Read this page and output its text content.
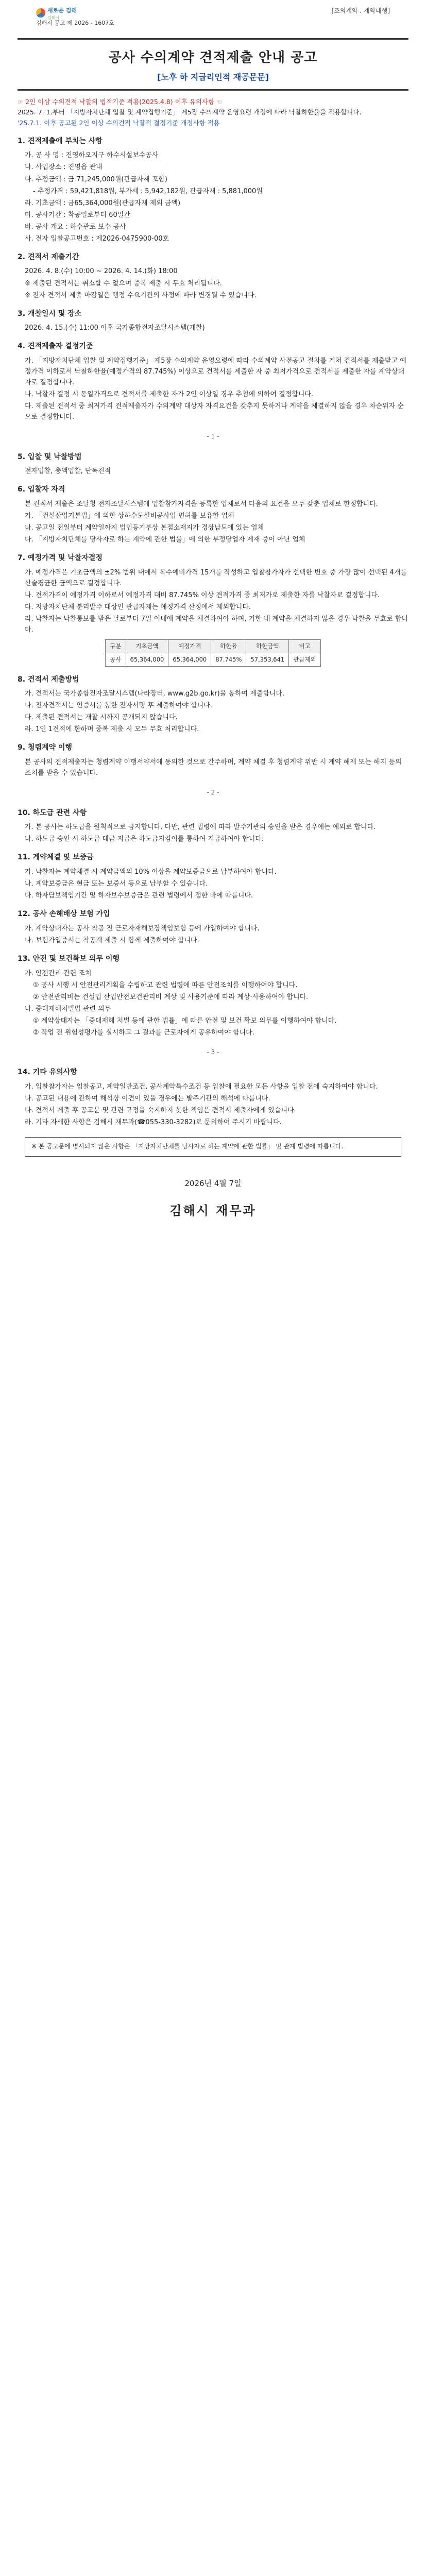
새로운 김해
김해시
김해시 공고 제 2026 - 1607호
[조의계약 . 계약대행]
공사 수의계약 견적제출 안내 공고
[노후 하 지급리인적 재공문문]
☞ 2인 이상 수의견적 낙찰의 법적기준 적용(2025.4.8) 이후 유의사항 ☜
2025. 7. 1.부터 「지방자치단체 입찰 및 계약집행기준」 제5장 수의계약 운영요령 개정에 따라 낙찰하한율을 적용합니다.
'25.7.1. 이후 공고된 2인 이상 수의견적 낙찰적 결정기준 개정사항 적용
1. 견적제출에 부치는 사항
가. 공 사 명 : 진영하오지구 하수시설보수공사
나. 사업장소 : 진영읍 관내
다. 추정금액 : 금 71,245,000원(관급자재 포함)
- 추정가격 : 59,421,818원, 부가세 : 5,942,182원, 관급자재 : 5,881,000원
라. 기초금액 : 금65,364,000원(관급자재 제외 금액)
마. 공사기간 : 착공일로부터 60일간
바. 공사 개요 : 하수관로 보수 공사
사. 전자 입찰공고번호 : 제2026-0475900-00호
2. 견적서 제출기간
2026. 4. 8.(수) 10:00 ~ 2026. 4. 14.(화) 18:00
※ 제출된 견적서는 취소할 수 없으며 중복 제출 시 무효 처리됩니다.
※ 전자 견적서 제출 마감일은 행정 수요기관의 사정에 따라 변경될 수 있습니다.
3. 개찰일시 및 장소
2026. 4. 15.(수) 11:00 이후 국가종합전자조달시스템(개찰)
4. 견적제출자 결정기준
가. 「지방자치단체 입찰 및 계약집행기준」 제5장 수의계약 운영요령에 따라 수의계약 사전공고 절차를 거쳐 견적서를 제출받고 예정가격 이하로서 낙찰하한율(예정가격의 87.745%) 이상으로 견적서를 제출한 자 중 최저가격으로 견적서를 제출한 자를 계약상대자로 결정합니다.
나. 낙찰자 결정 시 동일가격으로 견적서를 제출한 자가 2인 이상일 경우 추첨에 의하여 결정합니다.
다. 제출된 견적서 중 최저가격 견적제출자가 수의계약 대상자 자격요건을 갖추지 못하거나 계약을 체결하지 않을 경우 차순위자 순으로 결정합니다.
- 1 -
5. 입찰 및 낙찰방법
전자입찰, 총액입찰, 단독견적
6. 입찰자 자격
본 견적서 제출은 조달청 전자조달시스템에 입찰참가자격을 등록한 업체로서 다음의 요건을 모두 갖춘 업체로 한정합니다.
가. 「건설산업기본법」에 의한 상하수도설비공사업 면허를 보유한 업체
나. 공고일 전일부터 계약일까지 법인등기부상 본점소재지가 경상남도에 있는 업체
다. 「지방자치단체를 당사자로 하는 계약에 관한 법률」에 의한 부정당업자 제재 중이 아닌 업체
7. 예정가격 및 낙찰자결정
가. 예정가격은 기초금액의 ±2% 범위 내에서 복수예비가격 15개를 작성하고 입찰참가자가 선택한 번호 중 가장 많이 선택된 4개를 산술평균한 금액으로 결정합니다.
나. 견적가격이 예정가격 이하로서 예정가격 대비 87.745% 이상 견적가격 중 최저가로 제출한 자를 낙찰자로 결정합니다.
다. 지방자치단체 분리발주 대상인 관급자재는 예정가격 산정에서 제외합니다.
라. 낙찰자는 낙찰통보를 받은 날로부터 7일 이내에 계약을 체결하여야 하며, 기한 내 계약을 체결하지 않을 경우 낙찰을 무효로 합니다.
구분	기초금액	예정가격	하한율	하한금액	비고
공사	65,364,000	65,364,000	87.745%	57,353,641	관급제외
8. 견적서 제출방법
가. 견적서는 국가종합전자조달시스템(나라장터, www.g2b.go.kr)을 통하여 제출합니다.
나. 전자견적서는 인증서를 통한 전자서명 후 제출하여야 합니다.
다. 제출된 견적서는 개찰 시까지 공개되지 않습니다.
라. 1인 1견적에 한하며 중복 제출 시 모두 무효 처리합니다.
9. 청렴계약 이행
본 공사의 견적제출자는 청렴계약 이행서약서에 동의한 것으로 간주하며, 계약 체결 후 청렴계약 위반 시 계약 해제 또는 해지 등의 조치를 받을 수 있습니다.
- 2 -
10. 하도급 관련 사항
가. 본 공사는 하도급을 원칙적으로 금지합니다. 다만, 관련 법령에 따라 발주기관의 승인을 받은 경우에는 예외로 합니다.
나. 하도급 승인 시 하도급 대금 지급은 하도급지킴이를 통하여 지급하여야 합니다.
11. 계약체결 및 보증금
가. 낙찰자는 계약체결 시 계약금액의 10% 이상을 계약보증금으로 납부하여야 합니다.
나. 계약보증금은 현금 또는 보증서 등으로 납부할 수 있습니다.
다. 하자담보책임기간 및 하자보수보증금은 관련 법령에서 정한 바에 따릅니다.
12. 공사 손해배상 보험 가입
가. 계약상대자는 공사 착공 전 근로자재해보장책임보험 등에 가입하여야 합니다.
나. 보험가입증서는 착공계 제출 시 함께 제출하여야 합니다.
13. 안전 및 보건확보 의무 이행
가. 안전관리 관련 조치
① 공사 시행 시 안전관리계획을 수립하고 관련 법령에 따른 안전조치를 이행하여야 합니다.
② 안전관리비는 건설업 산업안전보건관리비 계상 및 사용기준에 따라 계상·사용하여야 합니다.
나. 중대재해처벌법 관련 의무
① 계약상대자는 「중대재해 처벌 등에 관한 법률」에 따른 안전 및 보건 확보 의무를 이행하여야 합니다.
② 작업 전 위험성평가를 실시하고 그 결과를 근로자에게 공유하여야 합니다.
- 3 -
14. 기타 유의사항
가. 입찰참가자는 입찰공고, 계약일반조건, 공사계약특수조건 등 입찰에 필요한 모든 사항을 입찰 전에 숙지하여야 합니다.
나. 공고된 내용에 관하여 해석상 이견이 있을 경우에는 발주기관의 해석에 따릅니다.
다. 견적서 제출 후 공고문 및 관련 규정을 숙지하지 못한 책임은 견적서 제출자에게 있습니다.
라. 기타 자세한 사항은 김해시 재무과(☎055-330-3282)로 문의하여 주시기 바랍니다.
※ 본 공고문에 명시되지 않은 사항은 「지방자치단체를 당사자로 하는 계약에 관한 법률」 및 관계 법령에 따릅니다.
2026년 4월 7일
김해시 재무과
